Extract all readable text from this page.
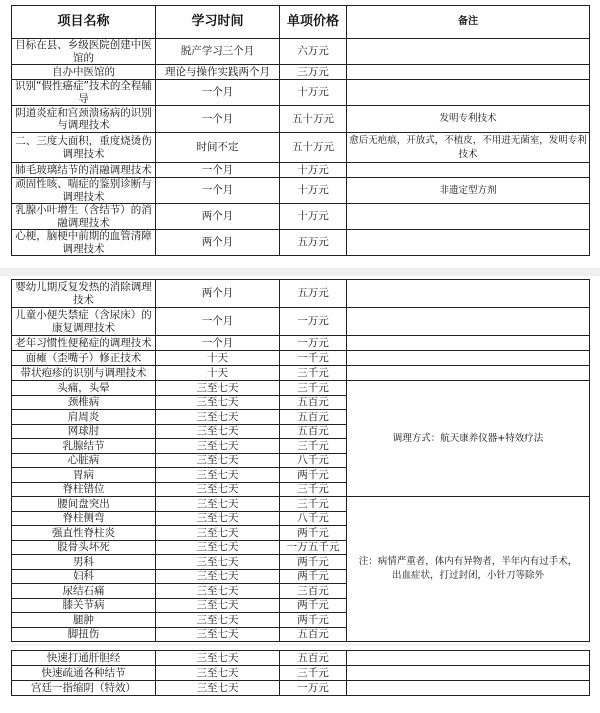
项目名称	学习时间	单项价格	备注
目标在县、乡级医院创建中医馆的	脱产学习三个月	六万元	
自办中医馆的	理论与操作实践两个月	三万元	
识别“假性癌症”技术的全程辅导	一个月	十万元	
阴道炎症和宫颈溃疡病的识别与调理技术	一个月	五十万元	发明专利技术
二、三度大面积，重度烧烫伤调理技术	时间不定	五十万元	愈后无疤痕，开放式，不植皮，不用进无菌室，发明专利技术
肺毛玻璃结节的消融调理技术	一个月	十万元	
顽固性咳、喘症的鉴别诊断与调理技术	一个月	十万元	非遗定型方剂
乳腺小叶增生（含结节）的消融调理技术	两个月	十万元	
心梗，脑梗中前期的血管清障调理技术	两个月	五万元	
婴幼儿期反复发热的消除调理技术	两个月	五万元	
儿童小便失禁症（含尿床）的康复调理技术	一个月	一万元	
老年习惯性便秘症的调理技术	一个月	一万元	
面瘫（歪嘴子）修正技术	十天	一千元	
带状疱疹的识别与调理技术	十天	三千元	
头痛，头晕	三至七天	三千元	调理方式：航天康养仪器+特效疗法
颈椎病	三至七天	五百元	
肩周炎	三至七天	五百元	
网球肘	三至七天	五百元	
乳腺结节	三至七天	三千元	
心脏病	三至七天	八千元	
胃病	三至七天	两千元	
脊柱错位	三至七天	三千元	
腰间盘突出	三至七天	三千元	注：病情严重者，体内有异物者，半年内有过手术，出血症状，打过封闭，小针刀等除外
脊柱侧弯	三至七天	八千元	
强直性脊柱炎	三至七天	两千元	
股骨头坏死	三至七天	一万五千元	
男科	三至七天	两千元	
妇科	三至七天	两千元	
尿结石痛	三至七天	三百元	
膝关节病	三至七天	两千元	
腿肿	三至七天	两千元	
脚扭伤	三至七天	五百元	
快速打通肝胆经	三至七天	五百元	
快速疏通各种结节	三至七天	三千元	
宫廷一指缩阴（特效）	三至七天	一万元	
